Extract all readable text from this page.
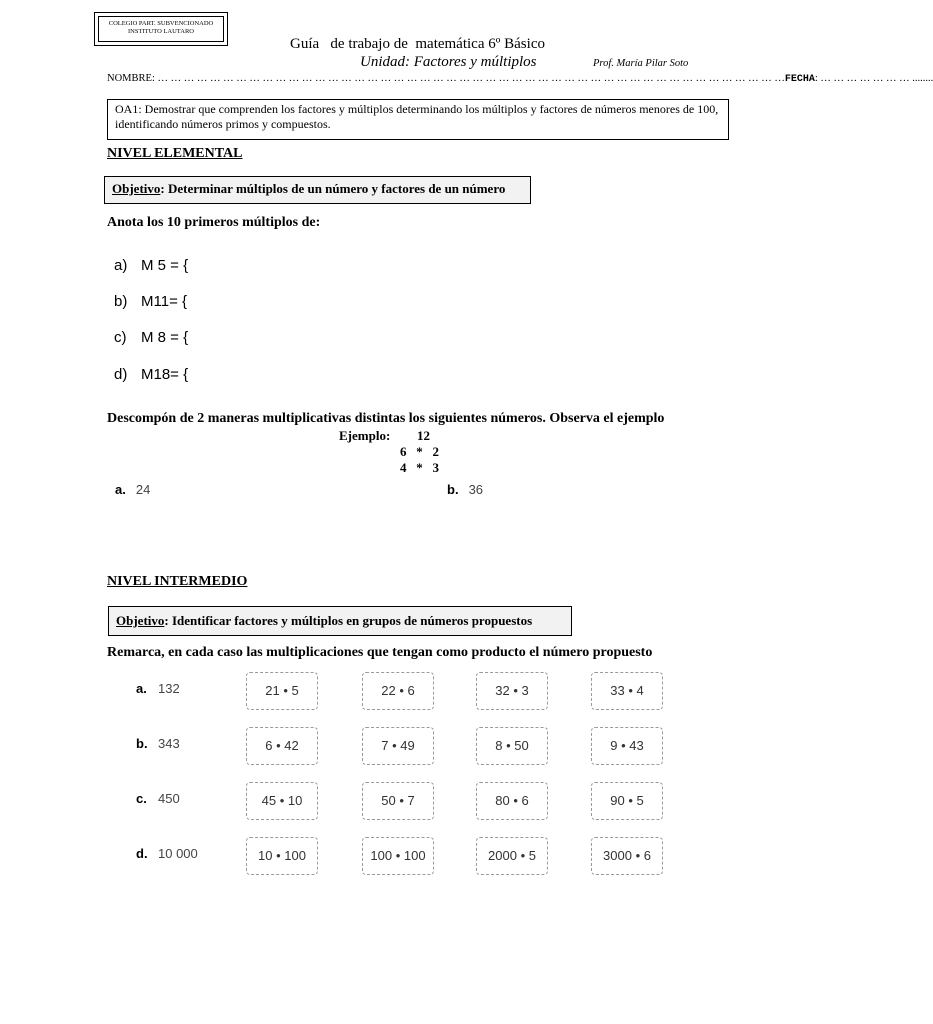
COLEGIO PART. SUBVENCIONADO
INSTITUTO LAUTARO
Guía   de trabajo de  matemática 6º Básico
Unidad: Factores y múltiplos	Prof. María Pilar Soto
NOMBRE: … … … … … … … … … … … … … … … … … … … … … … … … … … … … … … … … … … … … … … … … … … … … … … … …FECHA: … … … … … … … ........
OA1: Demostrar que comprenden los factores y múltiplos determinando los múltiplos y factores de números menores de 100, identificando números primos y compuestos.
NIVEL ELEMENTAL
Objetivo: Determinar múltiplos de un número y factores de un número
Anota los 10 primeros múltiplos de:
a) M 5 = {
b) M11= {
c) M 8 = {
d) M18= {
Descompón de 2 maneras multiplicativas distintas los siguientes números. Observa el ejemplo
Ejemplo: 12
6   *   2
4   *   3
a. 24	b. 36
NIVEL INTERMEDIO
Objetivo: Identificar factores y múltiplos en grupos de números propuestos
Remarca, en cada caso las multiplicaciones que tengan como producto el número propuesto
a. 132	21 • 5	22 • 6	32 • 3	33 • 4
b. 343	6 • 42	7 • 49	8 • 50	9 • 43
c. 450	45 • 10	50 • 7	80 • 6	90 • 5
d. 10 000	10 • 100	100 • 100	2000 • 5	3000 • 6
